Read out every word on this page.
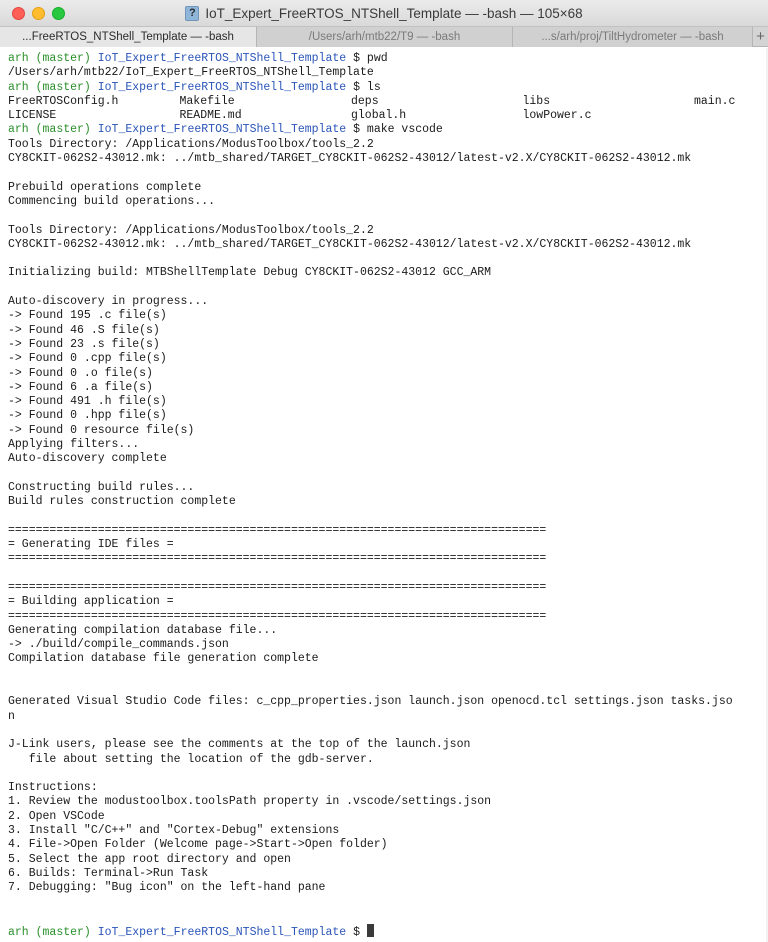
? IoT_Expert_FreeRTOS_NTShell_Template — -bash — 105×68
...FreeRTOS_NTShell_Template — -bash	/Users/arh/mtb22/T9 — -bash	...s/arh/proj/TiltHydrometer — -bash +
arh (master) IoT_Expert_FreeRTOS_NTShell_Template $ pwd
/Users/arh/mtb22/IoT_Expert_FreeRTOS_NTShell_Template
arh (master) IoT_Expert_FreeRTOS_NTShell_Template $ ls
FreeRTOSConfig.h	Makefile	deps	libs	main.c
LICENSE	README.md	global.h	lowPower.c
arh (master) IoT_Expert_FreeRTOS_NTShell_Template $ make vscode
Tools Directory: /Applications/ModusToolbox/tools_2.2
CY8CKIT-062S2-43012.mk: ../mtb_shared/TARGET_CY8CKIT-062S2-43012/latest-v2.X/CY8CKIT-062S2-43012.mk
Prebuild operations complete
Commencing build operations...
Tools Directory: /Applications/ModusToolbox/tools_2.2
CY8CKIT-062S2-43012.mk: ../mtb_shared/TARGET_CY8CKIT-062S2-43012/latest-v2.X/CY8CKIT-062S2-43012.mk
Initializing build: MTBShellTemplate Debug CY8CKIT-062S2-43012 GCC_ARM
Auto-discovery in progress...
-> Found 195 .c file(s)
-> Found 46 .S file(s)
-> Found 23 .s file(s)
-> Found 0 .cpp file(s)
-> Found 0 .o file(s)
-> Found 6 .a file(s)
-> Found 491 .h file(s)
-> Found 0 .hpp file(s)
-> Found 0 resource file(s)
Applying filters...
Auto-discovery complete
Constructing build rules...
Build rules construction complete
==============================================================================
= Generating IDE files =
==============================================================================
==============================================================================
= Building application =
==============================================================================
Generating compilation database file...
-> ./build/compile_commands.json
Compilation database file generation complete
Generated Visual Studio Code files: c_cpp_properties.json launch.json openocd.tcl settings.json tasks.jso
n
J-Link users, please see the comments at the top of the launch.json
file about setting the location of the gdb-server.
Instructions:
1. Review the modustoolbox.toolsPath property in .vscode/settings.json
2. Open VSCode
3. Install "C/C++" and "Cortex-Debug" extensions
4. File->Open Folder (Welcome page->Start->Open folder)
5. Select the app root directory and open
6. Builds: Terminal->Run Task
7. Debugging: "Bug icon" on the left-hand pane
arh (master) IoT_Expert_FreeRTOS_NTShell_Template $
